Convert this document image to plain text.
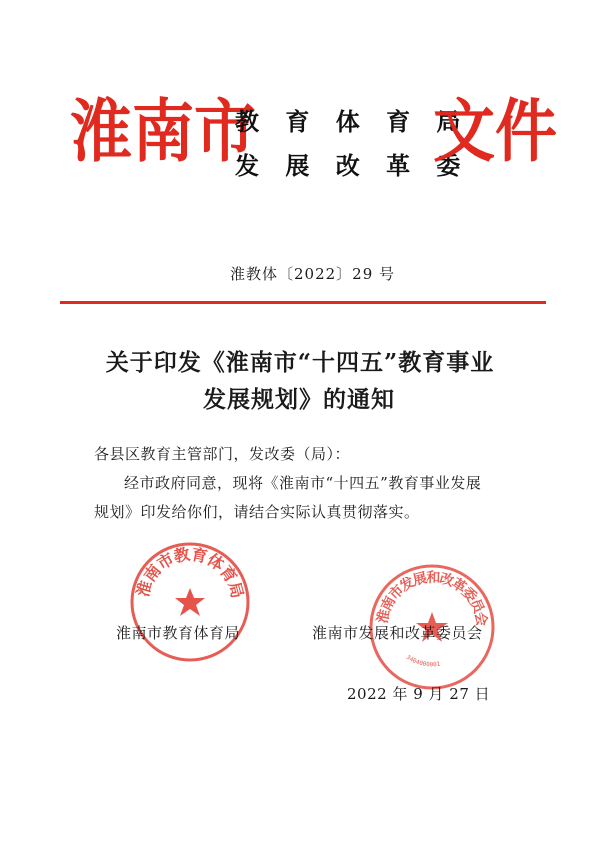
淮南市
教 育 体 育 局
发 展 改 革 委
文件
淮教体〔2022〕29 号
关于印发《淮南市“十四五”教育事业
发展规划》的通知
各县区教育主管部门，发改委（局）：
经市政府同意，现将《淮南市“十四五”教育事业发展
规划》印发给你们，请结合实际认真贯彻落实。
淮南市教育体育局
淮南市发展和改革委员会
3404000001
淮南市教育体育局	淮南市发展和改革委员会
2022 年 9 月 27 日
